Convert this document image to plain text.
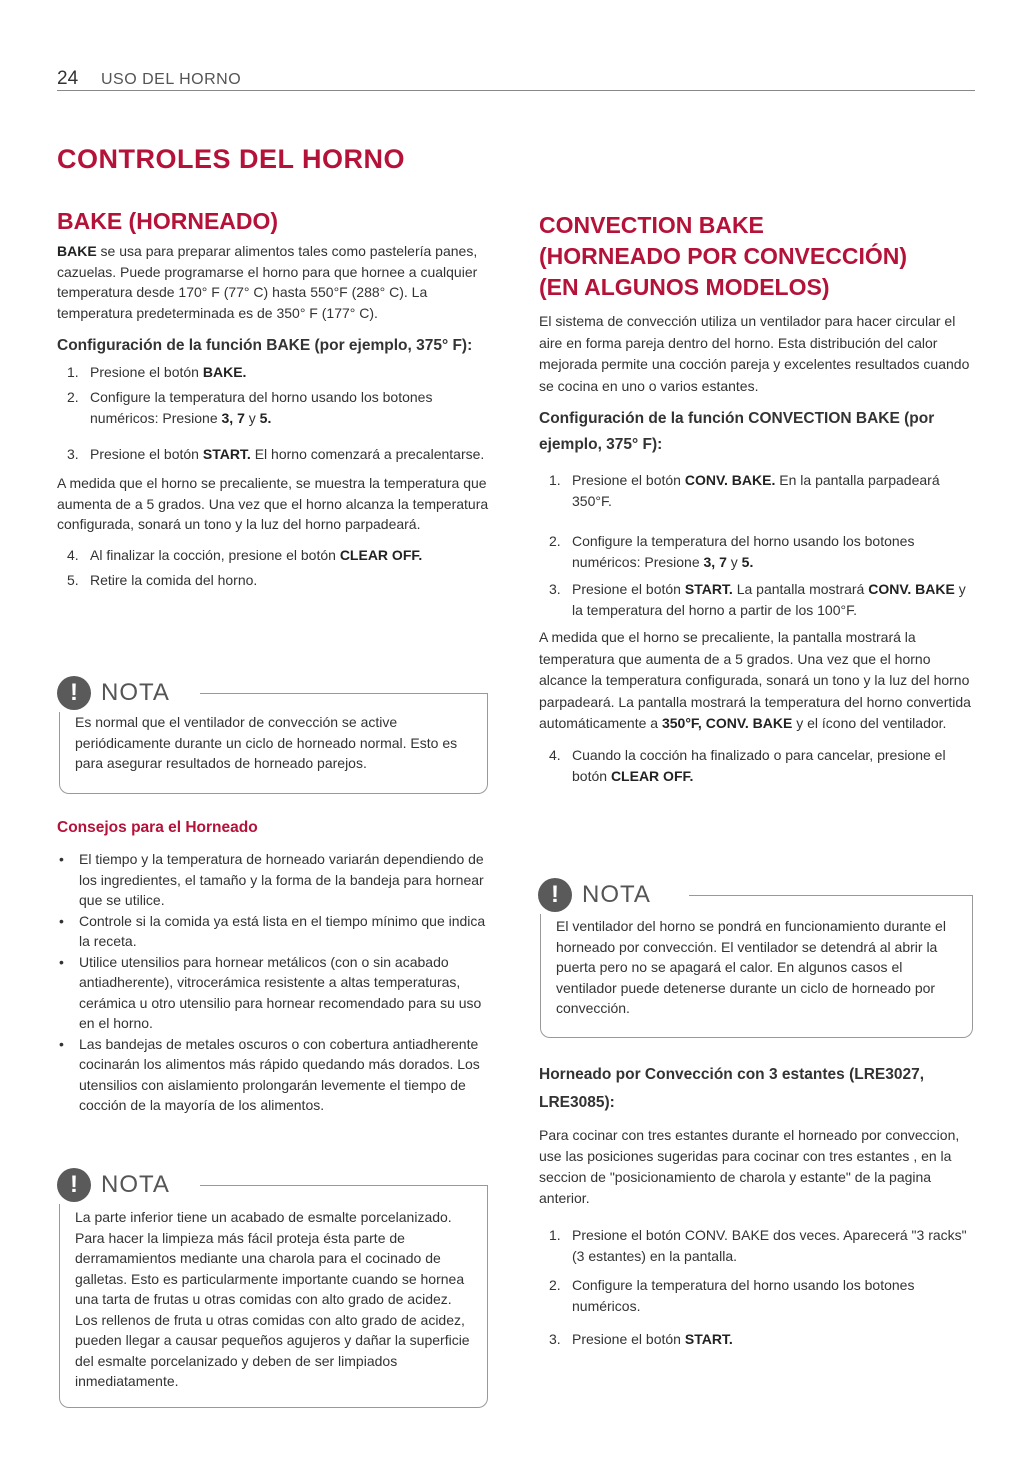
24 USO DEL HORNO
CONTROLES DEL HORNO
BAKE (HORNEADO)

BAKE se usa para preparar alimentos tales como pastelería panes, cazuelas. Puede programarse el horno para que hornee a cualquier temperatura desde 170° F (77° C) hasta 550°F (288° C). La temperatura predeterminada es de 350° F (177° C).

Configuración de la función BAKE (por ejemplo, 375° F):
1. Presione el botón BAKE.
2. Configure la temperatura del horno usando los botones numéricos: Presione 3, 7 y 5.
3. Presione el botón START. El horno comenzará a precalentarse.

A medida que el horno se precaliente, se muestra la temperatura que aumenta de a 5 grados. Una vez que el horno alcanza la temperatura configurada, sonará un tono y la luz del horno parpadeará.

4. Al finalizar la cocción, presione el botón CLEAR OFF.
5. Retire la comida del horno.
! NOTA

Es normal que el ventilador de convección se active periódicamente durante un ciclo de horneado normal. Esto es para asegurar resultados de horneado parejos.

Consejos para el Horneado
• El tiempo y la temperatura de horneado variarán dependiendo de los ingredientes, el tamaño y la forma de la bandeja para hornear que se utilice.
• Controle si la comida ya está lista en el tiempo mínimo que indica la receta.
• Utilice utensilios para hornear metálicos (con o sin acabado antiadherente), vitrocerámica resistente a altas temperaturas, cerámica u otro utensilio para hornear recomendado para su uso en el horno.
• Las bandejas de metales oscuros o con cobertura antiadherente cocinarán los alimentos más rápido quedando más dorados. Los utensilios con aislamiento prolongarán levemente el tiempo de cocción de la mayoría de los alimentos.
! NOTA

La parte inferior tiene un acabado de esmalte porcelanizado. Para hacer la limpieza más fácil proteja ésta parte de derramamientos mediante una charola para el cocinado de galletas. Esto es particularmente importante cuando se hornea una tarta de frutas u otras comidas con alto grado de acidez. Los rellenos de fruta u otras comidas con alto grado de acidez, pueden llegar a causar pequeños agujeros y dañar la superficie del esmalte porcelanizado y deben de ser limpiados inmediatamente.

CONVECTION BAKE
(HORNEADO POR CONVECCIÓN)
(EN ALGUNOS MODELOS)

El sistema de convección utiliza un ventilador para hacer circular el aire en forma pareja dentro del horno. Esta distribución del calor mejorada permite una cocción pareja y excelentes resultados cuando se cocina en uno o varios estantes.

Configuración de la función CONVECTION BAKE (por ejemplo, 375° F):
1. Presione el botón CONV. BAKE. En la pantalla parpadeará 350°F.
2. Configure la temperatura del horno usando los botones numéricos: Presione 3, 7 y 5.
3. Presione el botón START. La pantalla mostrará CONV. BAKE y la temperatura del horno a partir de los 100°F.

A medida que el horno se precaliente, la pantalla mostrará la temperatura que aumenta de a 5 grados. Una vez que el horno alcance la temperatura configurada, sonará un tono y la luz del horno parpadeará. La pantalla mostrará la temperatura del horno convertida automáticamente a 350°F, CONV. BAKE y el ícono del ventilador.

4. Cuando la cocción ha finalizado o para cancelar, presione el botón CLEAR OFF.
! NOTA

El ventilador del horno se pondrá en funcionamiento durante el horneado por convección. El ventilador se detendrá al abrir la puerta pero no se apagará el calor. En algunos casos el ventilador puede detenerse durante un ciclo de horneado por convección.

Horneado por Convección con 3 estantes (LRE3027, LRE3085):

Para cocinar con tres estantes durante el horneado por conveccion, use las posiciones sugeridas para cocinar con tres estantes , en la seccion de "posicionamiento de charola y estante" de la pagina anterior.

1. Presione el botón CONV. BAKE dos veces. Aparecerá "3 racks" (3 estantes) en la pantalla.
2. Configure la temperatura del horno usando los botones numéricos.
3. Presione el botón START.
